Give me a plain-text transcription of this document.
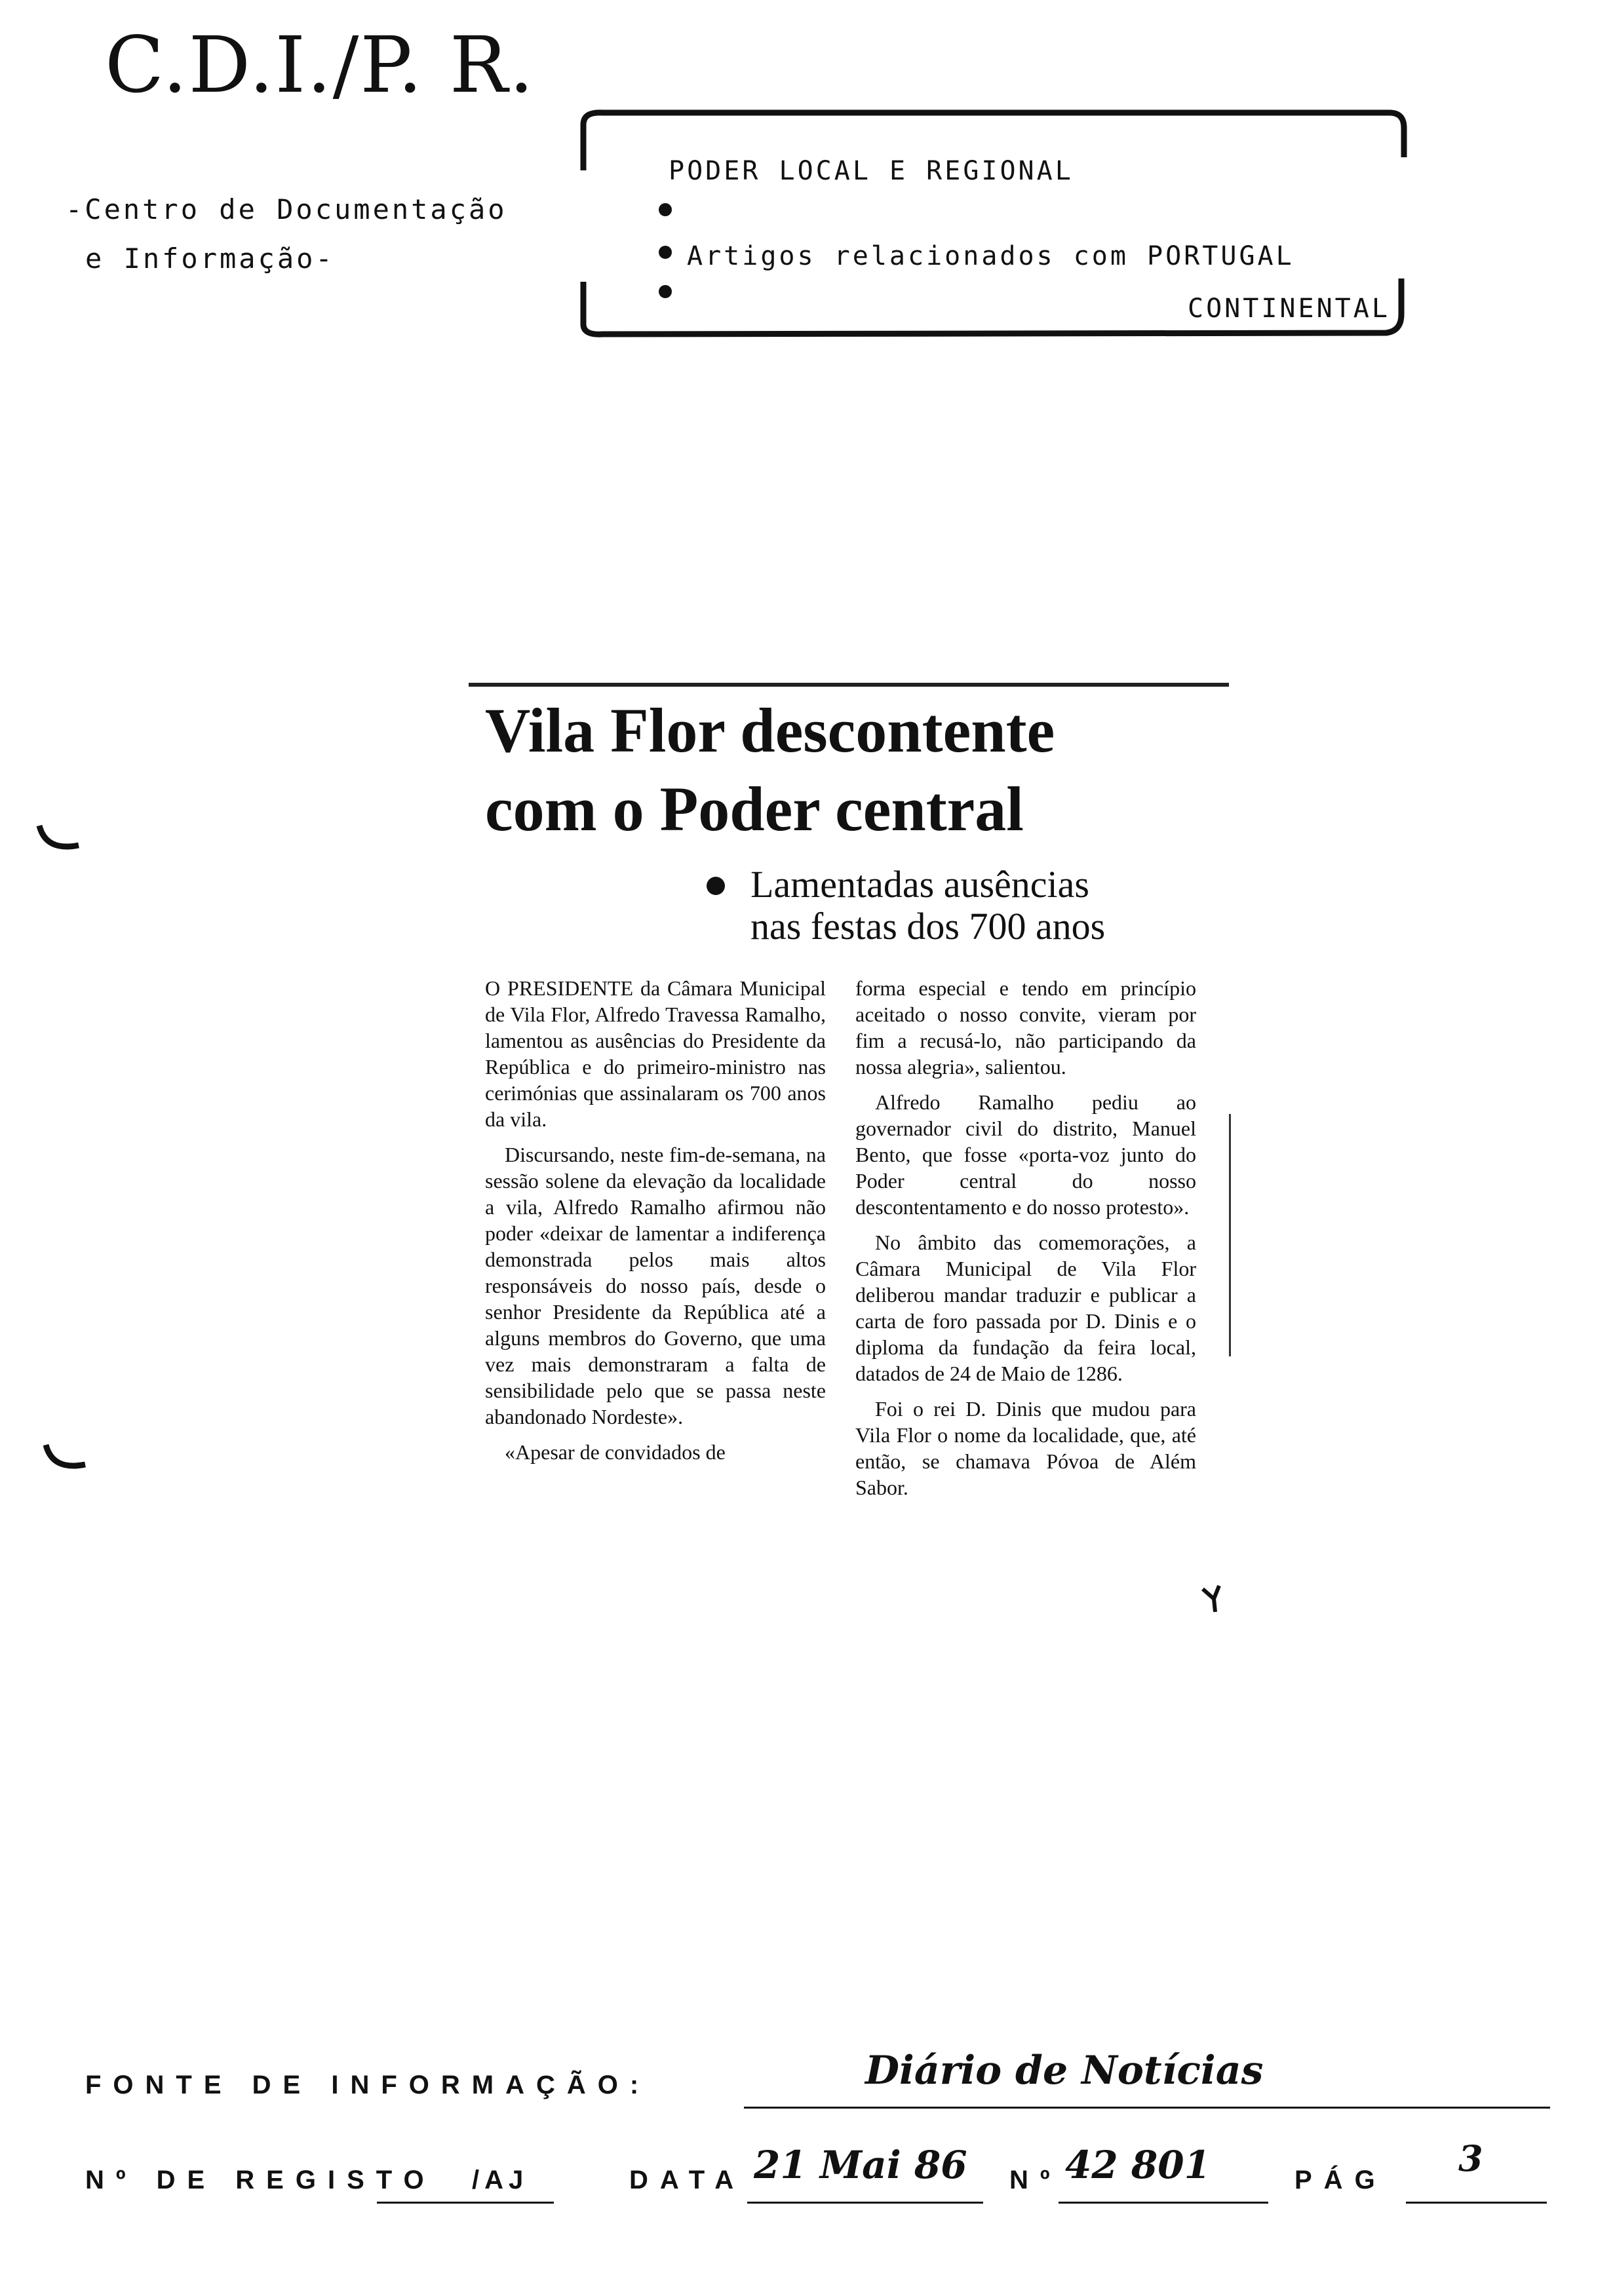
C.D.I./P. R.
-Centro de Documentação
e Informação-
PODER LOCAL E REGIONAL
Artigos relacionados com PORTUGAL
CONTINENTAL
Vila Flor descontente
com o Poder central
Lamentadas ausências
nas festas dos 700 anos

O PRESIDENTE da Câmara Municipal de Vila Flor, Alfredo Travessa Ramalho, lamentou as ausências do Presidente da República e do primeiro-ministro nas cerimónias que assinalaram os 700 anos da vila.

Discursando, neste fim-de-semana, na sessão solene da elevação da localidade a vila, Alfredo Ramalho afirmou não poder «deixar de lamentar a indiferença demonstrada pelos mais altos responsáveis do nosso país, desde o senhor Presidente da República até a alguns membros do Governo, que uma vez mais demonstraram a falta de sensibilidade pelo que se passa neste abandonado Nordeste».

«Apesar de convidados de

forma especial e tendo em princípio aceitado o nosso convite, vieram por fim a recusá-lo, não participando da nossa alegria», salientou.

Alfredo Ramalho pediu ao governador civil do distrito, Manuel Bento, que fosse «porta-voz junto do Poder central do nosso descontentamento e do nosso protesto».

No âmbito das comemorações, a Câmara Municipal de Vila Flor deliberou mandar traduzir e publicar a carta de foro passada por D. Dinis e o diploma da fundação da feira local, datados de 24 de Maio de 1286.

Foi o rei D. Dinis que mudou para Vila Flor o nome da localidade, que, até então, se chamava Póvoa de Além Sabor.

FONTE DE INFORMAÇÃO:	Diário de Notícias
Nº DE REGISTO /AJ	DATA 21 Mai 86 Nº 42 801	PÁG
3
